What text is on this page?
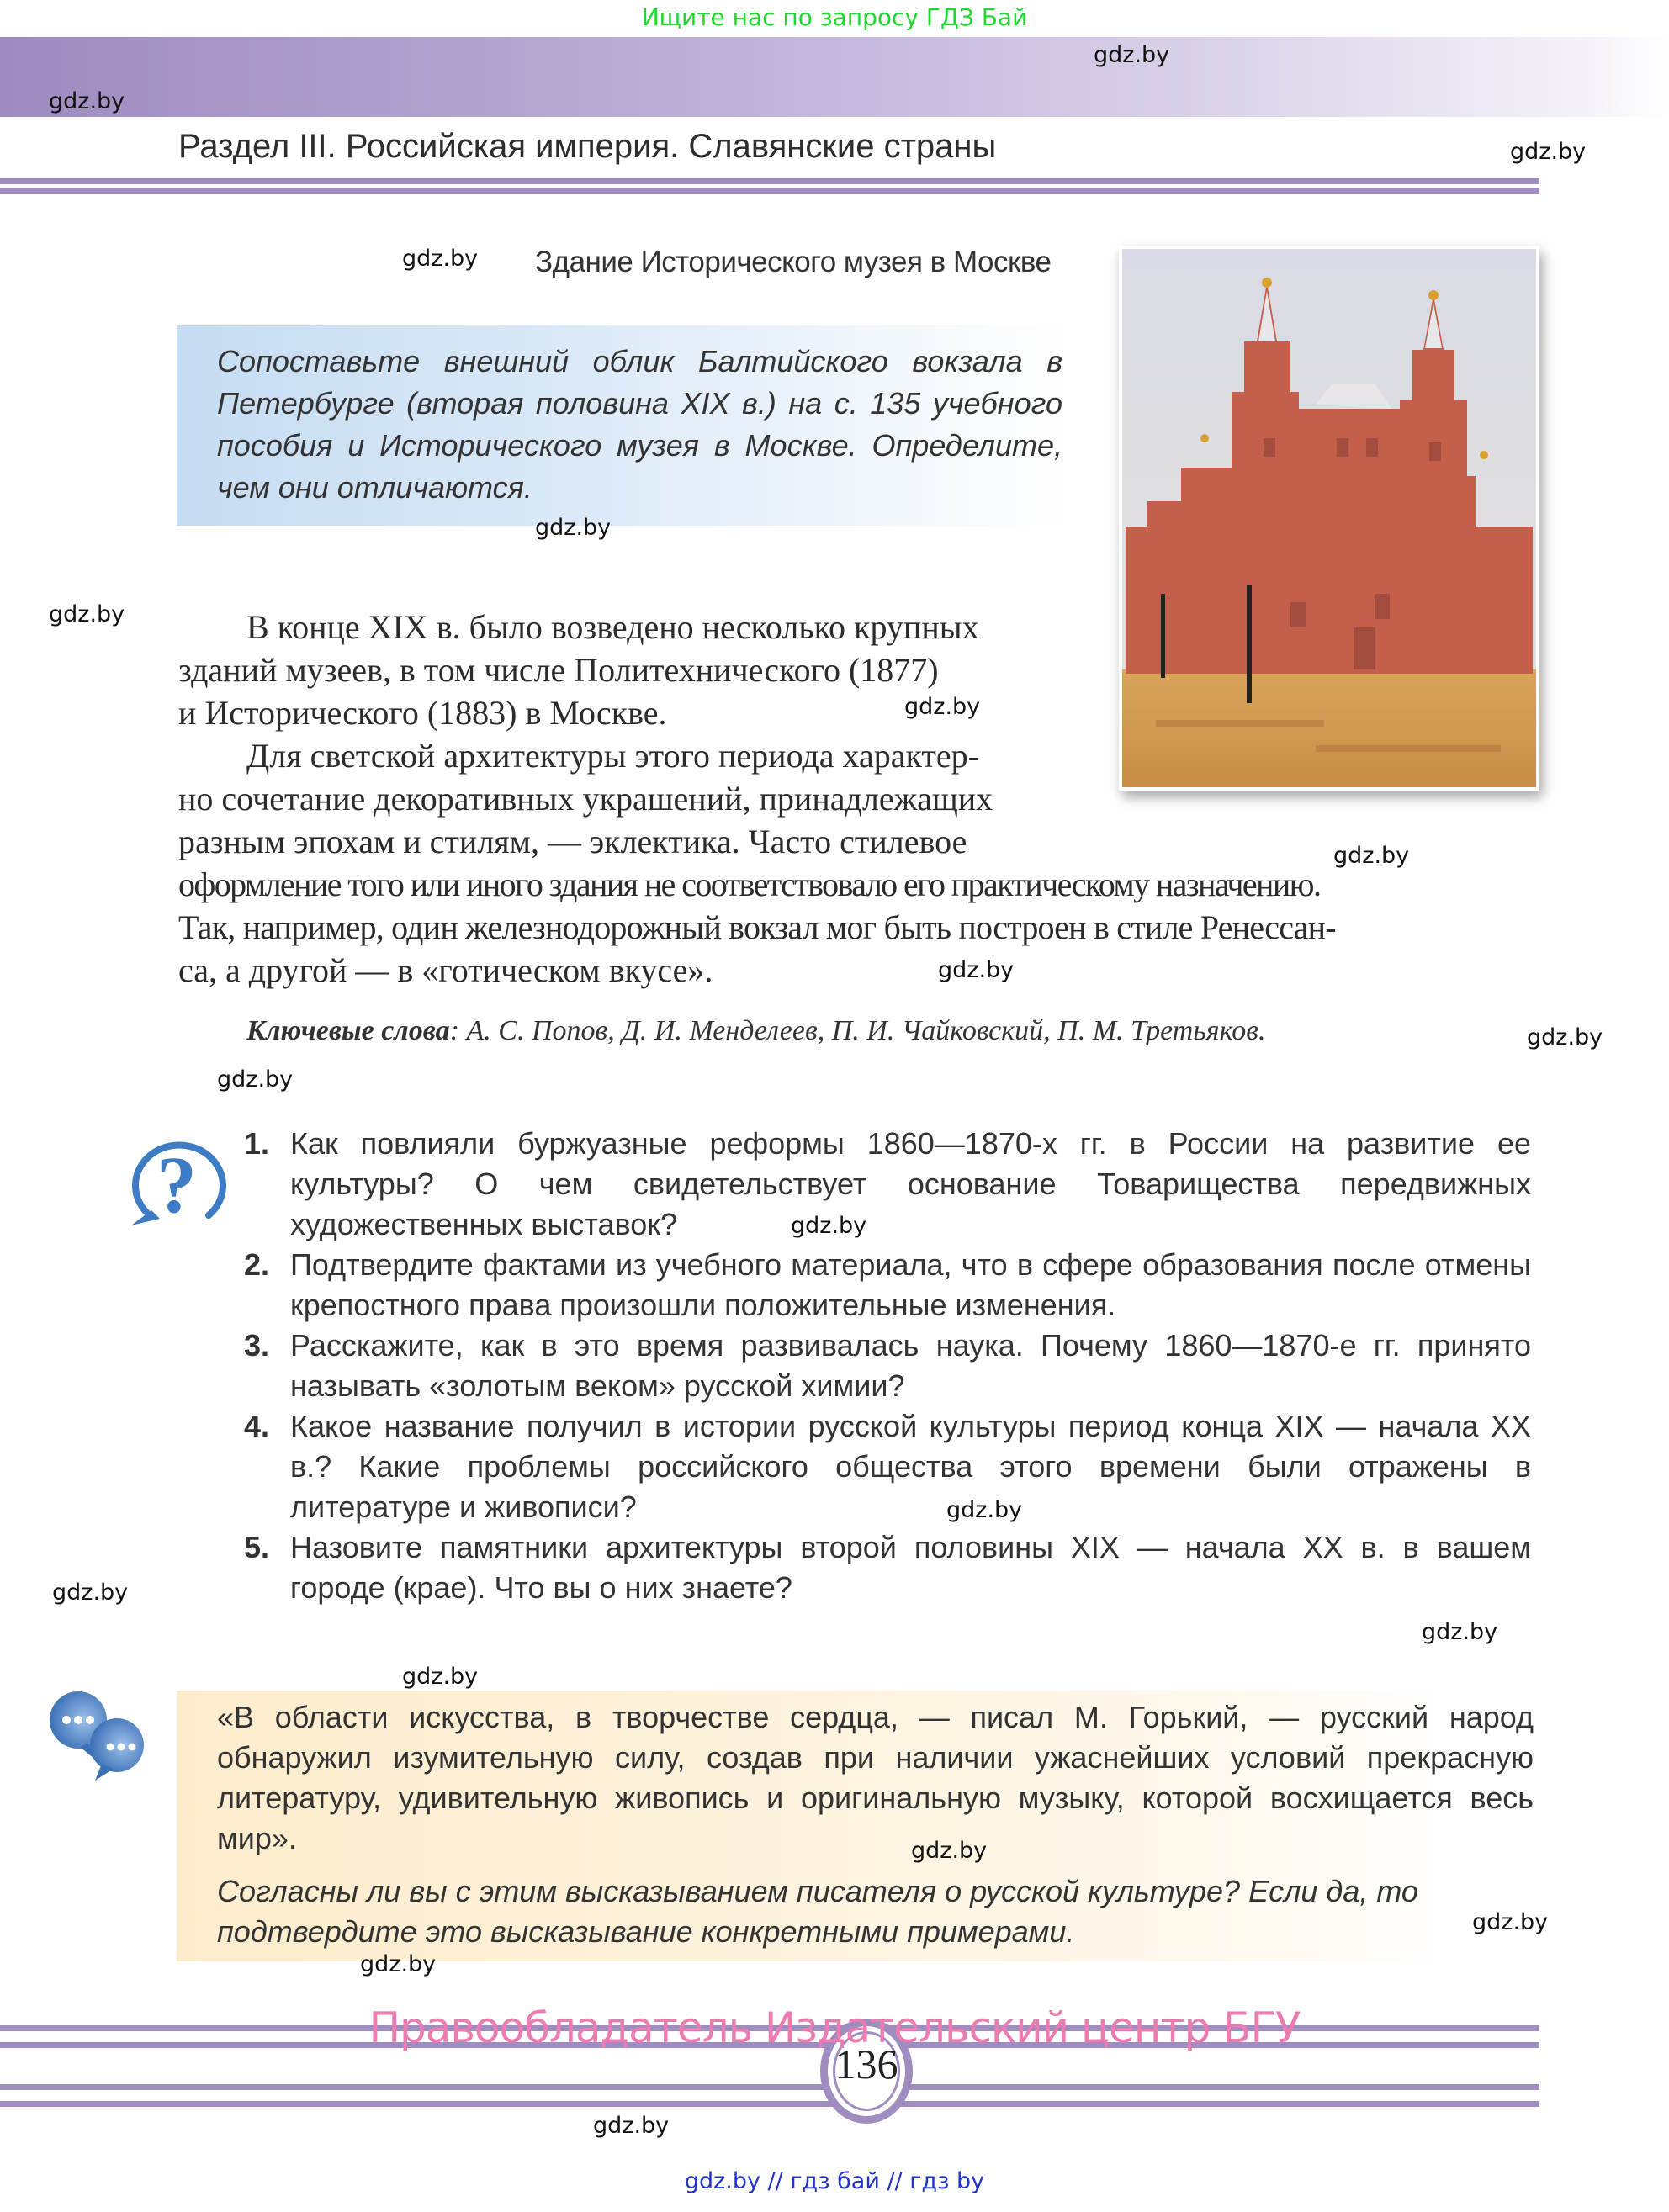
Ищите нас по запросу ГДЗ Бай
Раздел III. Российская империя. Славянские страны
Здание Исторического музея в Москве
Сопоставьте внешний облик Балтийского вокзала в Петербурге (вторая половина XIX в.) на с. 135 учебного пособия и Исторического музея в Москве. Определите, чем они отличаются.
В конце XIX в. было возведено несколько крупных
зданий музеев, в том числе Политехнического (1877)
и Исторического (1883) в Москве.
Для светской архитектуры этого периода характер-
но сочетание декоративных украшений, принадлежащих
разным эпохам и стилям, — эклектика. Часто стилевое
оформление того или иного здания не соответствовало его практическому назначению.
Так, например, один железнодорожный вокзал мог быть построен в стиле Ренессан-
са, а другой — в «готическом вкусе».
Ключевые слова: А. С. Попов, Д. И. Менделеев, П. И. Чайковский, П. М. Третьяков.
? 1. Как повлияли буржуазные реформы 1860—1870-х гг. в России на развитие ее культуры? О чем свидетельствует основание Товарищества передвижных художественных выставок?
2. Подтвердите фактами из учебного материала, что в сфере образования после отмены крепостного права произошли положительные изменения.
3. Расскажите, как в это время развивалась наука. Почему 1860—1870-е гг. принято называть «золотым веком» русской химии?
4. Какое название получил в истории русской культуры период конца XIX — начала XX в.? Какие проблемы российского общества этого времени были отражены в литературе и живописи?
5. Назовите памятники архитектуры второй половины XIX — начала XX в. в вашем городе (крае). Что вы о них знаете?
«В области искусства, в творчестве сердца, — писал М. Горький, — русский народ обнаружил изумительную силу, создав при наличии ужаснейших условий прекрасную литературу, удивительную живопись и оригинальную музыку, которой восхищается весь мир».
Согласны ли вы с этим высказыванием писателя о русской культуре? Если да, то подтвердите это высказывание конкретными примерами.
136
Правообладатель Издательский центр БГУ
gdz.by // гдз бай // гдз by
gdz.by
gdz.by
gdz.by
gdz.by
gdz.by
gdz.by
gdz.by
gdz.by
gdz.by
gdz.by
gdz.by
gdz.by
gdz.by
gdz.by
gdz.by
gdz.by
gdz.by
gdz.by
gdz.by
gdz.by
